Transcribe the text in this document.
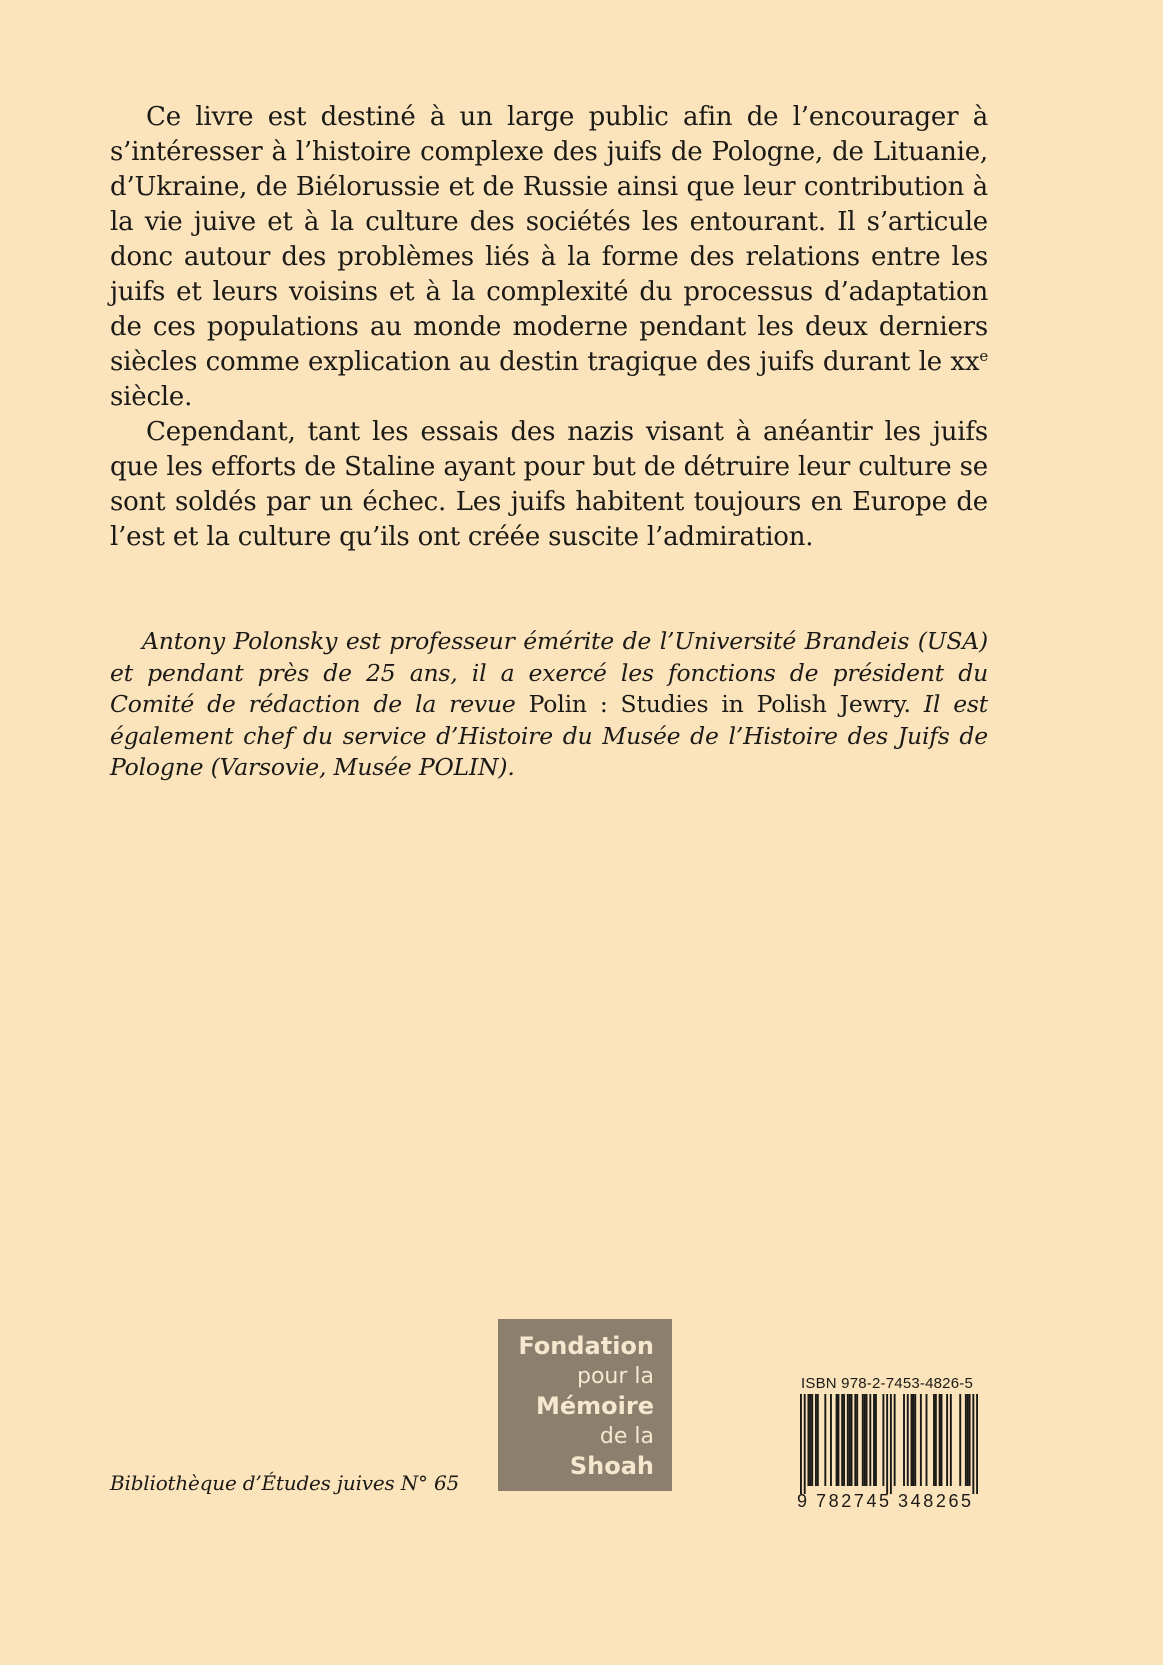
Ce livre est destiné à un large public afin de l’encourager à s’intéresser à l’histoire complexe des juifs de Pologne, de Lituanie, d’Ukraine, de Biélorussie et de Russie ainsi que leur contribution à la vie juive et à la culture des sociétés les entourant. Il s’articule donc autour des problèmes liés à la forme des relations entre les juifs et leurs voisins et à la complexité du processus d’adaptation de ces populations au monde moderne pendant les deux derniers siècles comme explication au destin tragique des juifs durant le $xx^e$ siècle.

Cependant, tant les essais des nazis visant à anéantir les juifs que les efforts de Staline ayant pour but de détruire leur culture se sont soldés par un échec. Les juifs habitent toujours en Europe de l’est et la culture qu’ils ont créée suscite l’admiration.

Antony Polonsky est professeur émérite de l’Université Brandeis (USA) et pendant près de 25 ans, il a exercé les fonctions de président du Comité de rédaction de la revue Polin : Studies in Polish Jewry. Il est également chef du service d’Histoire du Musée de l’Histoire des Juifs de Pologne (Varsovie, Musée POLIN).

Fondation
pour la
Mémoire
de la
Shoah
Bibliothèque d’Études juives N° 65
ISBN 978-2-7453-4826-5
9 782745 348265
